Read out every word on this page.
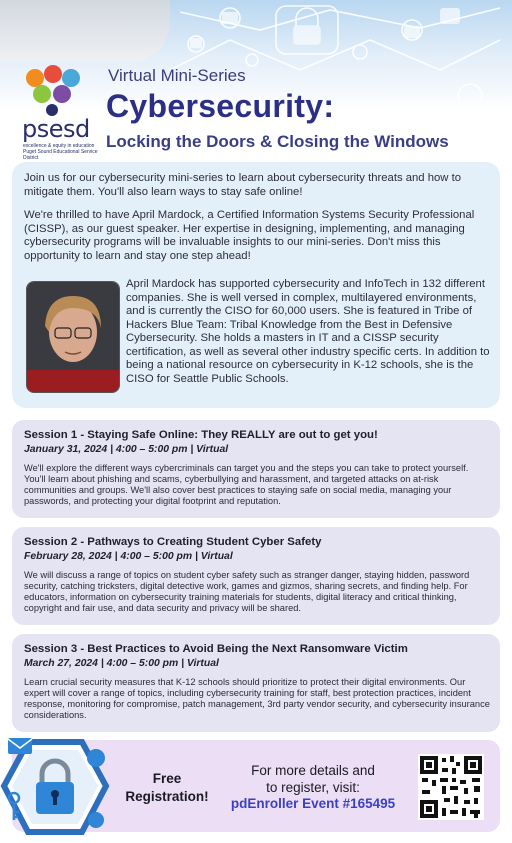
psesd
excellence & equity in education
Puget Sound Educational Service District
Virtual Mini-Series
Cybersecurity:
Locking the Doors & Closing the Windows

Join us for our cybersecurity mini-series to learn about cybersecurity threats and how to mitigate them. You'll also learn ways to stay safe online!

We're thrilled to have April Mardock, a Certified Information Systems Security Professional (CISSP), as our guest speaker. Her expertise in designing, implementing, and managing cybersecurity programs will be invaluable insights to our mini-series. Don't miss this opportunity to learn and stay one step ahead!

April Mardock has supported cybersecurity and InfoTech in 132 different companies. She is well versed in complex, multilayered environments, and is currently the CISO for 60,000 users. She is featured in Tribe of Hackers Blue Team: Tribal Knowledge from the Best in Defensive Cybersecurity. She holds a masters in IT and a CISSP security certification, as well as several other industry specific certs. In addition to being a national resource on cybersecurity in K-12 schools, she is the CISO for Seattle Public Schools.

Session 1 - Staying Safe Online: They REALLY are out to get you!
January 31, 2024 | 4:00 – 5:00 pm | Virtual

We'll explore the different ways cybercriminals can target you and the steps you can take to protect yourself. You'll learn about phishing and scams, cyberbullying and harassment, and targeted attacks on at-risk communities and groups. We'll also cover best practices to staying safe on social media, managing your passwords, and protecting your digital footprint and reputation.

Session 2 - Pathways to Creating Student Cyber Safety
February 28, 2024 | 4:00 – 5:00 pm | Virtual

We will discuss a range of topics on student cyber safety such as stranger danger, staying hidden, password security, catching tricksters, digital detective work, games and gizmos, sharing secrets, and finding help. For educators, information on cybersecurity training materials for students, digital literacy and critical thinking, copyright and fair use, and data security and privacy will be shared.

Session 3 - Best Practices to Avoid Being the Next Ransomware Victim
March 27, 2024 | 4:00 – 5:00 pm | Virtual

Learn crucial security measures that K-12 schools should prioritize to protect their digital environments. Our expert will cover a range of topics, including cybersecurity training for staff, best protection practices, incident response, monitoring for compromise, patch management, 3rd party vendor security, and cybersecurity insurance considerations.

Free
Registration!
For more details and
to register, visit:
pdEnroller Event #165495
